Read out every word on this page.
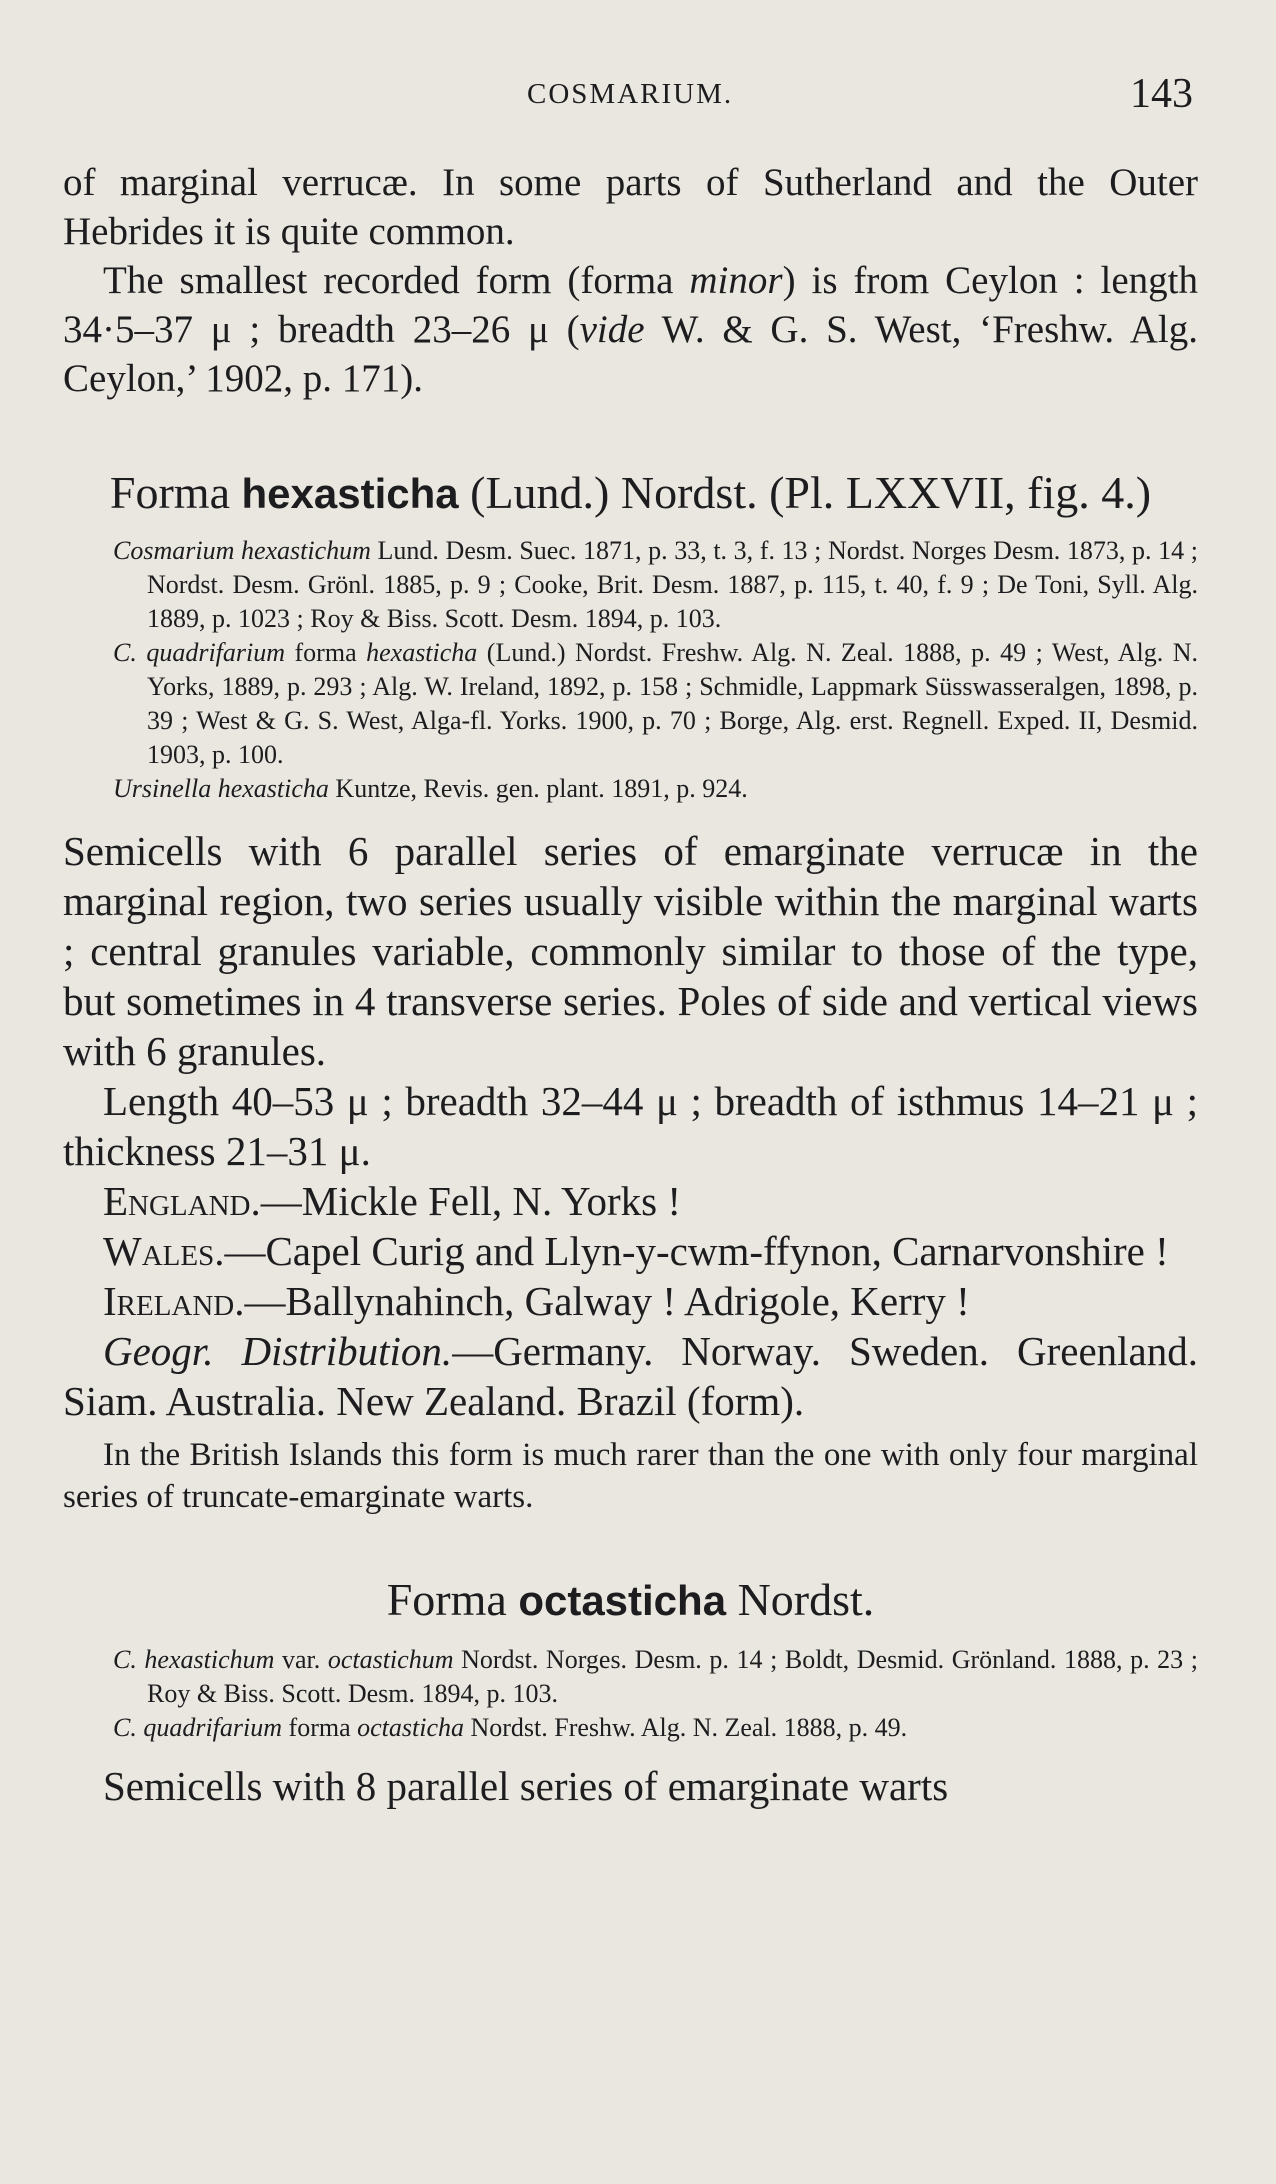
COSMARIUM.	143

of marginal verrucæ. In some parts of Sutherland and the Outer Hebrides it is quite common.

The smallest recorded form (forma minor) is from Ceylon : length 34·5–37 μ ; breadth 23–26 μ (vide W. & G. S. West, ‘Freshw. Alg. Ceylon,’ 1902, p. 171).

Forma hexasticha (Lund.) Nordst. (Pl. LXXVII, fig. 4.)

Cosmarium hexastichum Lund. Desm. Suec. 1871, p. 33, t. 3, f. 13 ; Nordst. Norges Desm. 1873, p. 14 ; Nordst. Desm. Grönl. 1885, p. 9 ; Cooke, Brit. Desm. 1887, p. 115, t. 40, f. 9 ; De Toni, Syll. Alg. 1889, p. 1023 ; Roy & Biss. Scott. Desm. 1894, p. 103.

C. quadrifarium forma hexasticha (Lund.) Nordst. Freshw. Alg. N. Zeal. 1888, p. 49 ; West, Alg. N. Yorks, 1889, p. 293 ; Alg. W. Ireland, 1892, p. 158 ; Schmidle, Lappmark Süsswasseralgen, 1898, p. 39 ; West & G. S. West, Alga-fl. Yorks. 1900, p. 70 ; Borge, Alg. erst. Regnell. Exped. II, Desmid. 1903, p. 100.

Ursinella hexasticha Kuntze, Revis. gen. plant. 1891, p. 924.

Semicells with 6 parallel series of emarginate verrucæ in the marginal region, two series usually visible within the marginal warts ; central granules variable, commonly similar to those of the type, but sometimes in 4 transverse series. Poles of side and vertical views with 6 granules.

Length 40–53 μ ; breadth 32–44 μ ; breadth of isthmus 14–21 μ ; thickness 21–31 μ.

England.—Mickle Fell, N. Yorks !

Wales.—Capel Curig and Llyn-y-cwm-ffynon, Carnarvonshire !

Ireland.—Ballynahinch, Galway ! Adrigole, Kerry !

Geogr. Distribution.—Germany. Norway. Sweden. Greenland. Siam. Australia. New Zealand. Brazil (form).

In the British Islands this form is much rarer than the one with only four marginal series of truncate-emarginate warts.

Forma octasticha Nordst.

C. hexastichum var. octastichum Nordst. Norges. Desm. p. 14 ; Boldt, Desmid. Grönland. 1888, p. 23 ; Roy & Biss. Scott. Desm. 1894, p. 103.

C. quadrifarium forma octasticha Nordst. Freshw. Alg. N. Zeal. 1888, p. 49.

Semicells with 8 parallel series of emarginate warts
